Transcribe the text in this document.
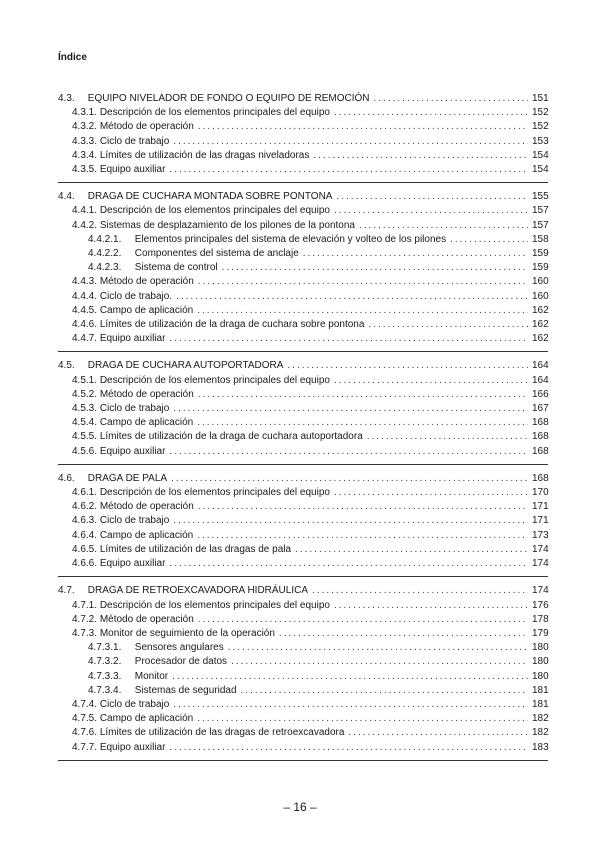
Índice
4.3. EQUIPO NIVELADOR DE FONDO O EQUIPO DE REMOCIÓN .....	151
4.3.1. Descripción de los elementos principales del equipo .....	152
4.3.2. Método de operación .....	152
4.3.3. Ciclo de trabajo .....	153
4.3.4. Límites de utilización de las dragas niveladoras .....	154
4.3.5. Equipo auxiliar .....	154
4.4. DRAGA DE CUCHARA MONTADA SOBRE PONTONA .....	155
4.4.1. Descripción de los elementos principales del equipo .....	157
4.4.2. Sistemas de desplazamiento de los pilones de la pontona .....	157
4.4.2.1. Elementos principales del sistema de elevación y volteo de los pilones .....	158
4.4.2.2. Componentes del sistema de anclaje .....	159
4.4.2.3. Sistema de control .....	159
4.4.3. Método de operación .....	160
4.4.4. Ciclo de trabajo. .....	160
4.4.5. Campo de aplicación .....	162
4.4.6. Límites de utilización de la draga de cuchara sobre pontona .....	162
4.4.7. Equipo auxiliar .....	162
4.5. DRAGA DE CUCHARA AUTOPORTADORA .....	164
4.5.1. Descripción de los elementos principales del equipo .....	164
4.5.2. Método de operación .....	166
4.5.3. Ciclo de trabajo .....	167
4.5.4. Campo de aplicación .....	168
4.5.5. Límites de utilización de la draga de cuchara autoportadora .....	168
4.5.6. Equipo auxiliar .....	168
4.6. DRAGA DE PALA .....	168
4.6.1. Descripción de los elementos principales del equipo .....	170
4.6.2. Método de operación .....	171
4.6.3. Ciclo de trabajo .....	171
4.6.4. Campo de aplicación .....	173
4.6.5. Límites de utilización de las dragas de pala .....	174
4.6.6. Equipo auxiliar .....	174
4.7. DRAGA DE RETROEXCAVADORA HIDRÁULICA .....	174
4.7.1. Descripción de los elementos principales del equipo .....	176
4.7.2. Método de operación .....	178
4.7.3. Monitor de seguimiento de la operación .....	179
4.7.3.1. Sensores angulares .....	180
4.7.3.2. Procesador de datos .....	180
4.7.3.3. Monitor .....	180
4.7.3.4. Sistemas de seguridad .....	181
4.7.4. Ciclo de trabajo .....	181
4.7.5. Campo de aplicación .....	182
4.7.6. Límites de utilización de las dragas de retroexcavadora .....	182
4.7.7. Equipo auxiliar .....	183
– 16 –
